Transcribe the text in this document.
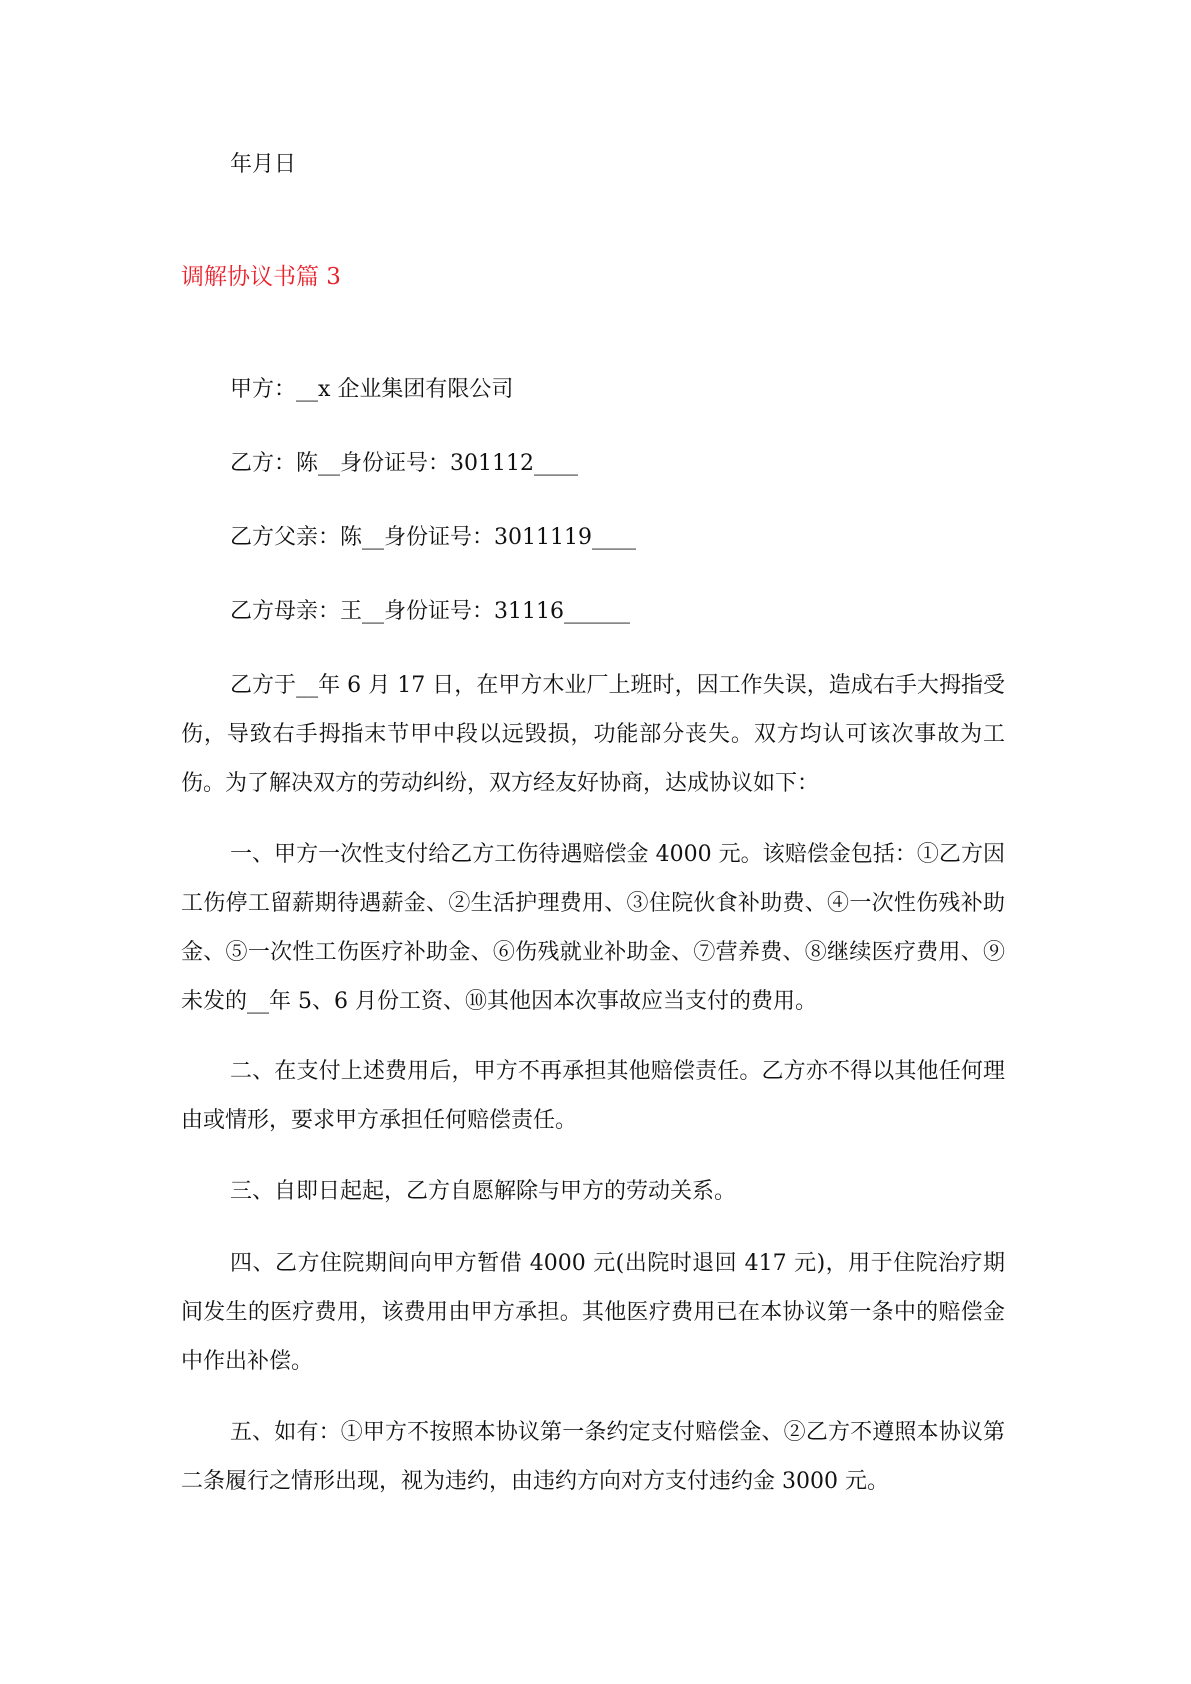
年月日

调解协议书篇 3

甲方：__x 企业集团有限公司

乙方：陈__身份证号：301112____

乙方父亲：陈__身份证号：3011119____

乙方母亲：王__身份证号：31116______

乙方于__年 6 月 17 日，在甲方木业厂上班时，因工作失误，造成右手大拇指受伤，导致右手拇指末节甲中段以远毁损，功能部分丧失。双方均认可该次事故为工伤。为了解决双方的劳动纠纷，双方经友好协商，达成协议如下：

一、甲方一次性支付给乙方工伤待遇赔偿金 4000 元。该赔偿金包括：①乙方因工伤停工留薪期待遇薪金、②生活护理费用、③住院伙食补助费、④一次性伤残补助金、⑤一次性工伤医疗补助金、⑥伤残就业补助金、⑦营养费、⑧继续医疗费用、⑨未发的__年 5、6 月份工资、⑩其他因本次事故应当支付的费用。

二、在支付上述费用后，甲方不再承担其他赔偿责任。乙方亦不得以其他任何理由或情形，要求甲方承担任何赔偿责任。

三、自即日起起，乙方自愿解除与甲方的劳动关系。

四、乙方住院期间向甲方暂借 4000 元(出院时退回 417 元)，用于住院治疗期间发生的医疗费用，该费用由甲方承担。其他医疗费用已在本协议第一条中的赔偿金中作出补偿。

五、如有：①甲方不按照本协议第一条约定支付赔偿金、②乙方不遵照本协议第二条履行之情形出现，视为违约，由违约方向对方支付违约金 3000 元。
